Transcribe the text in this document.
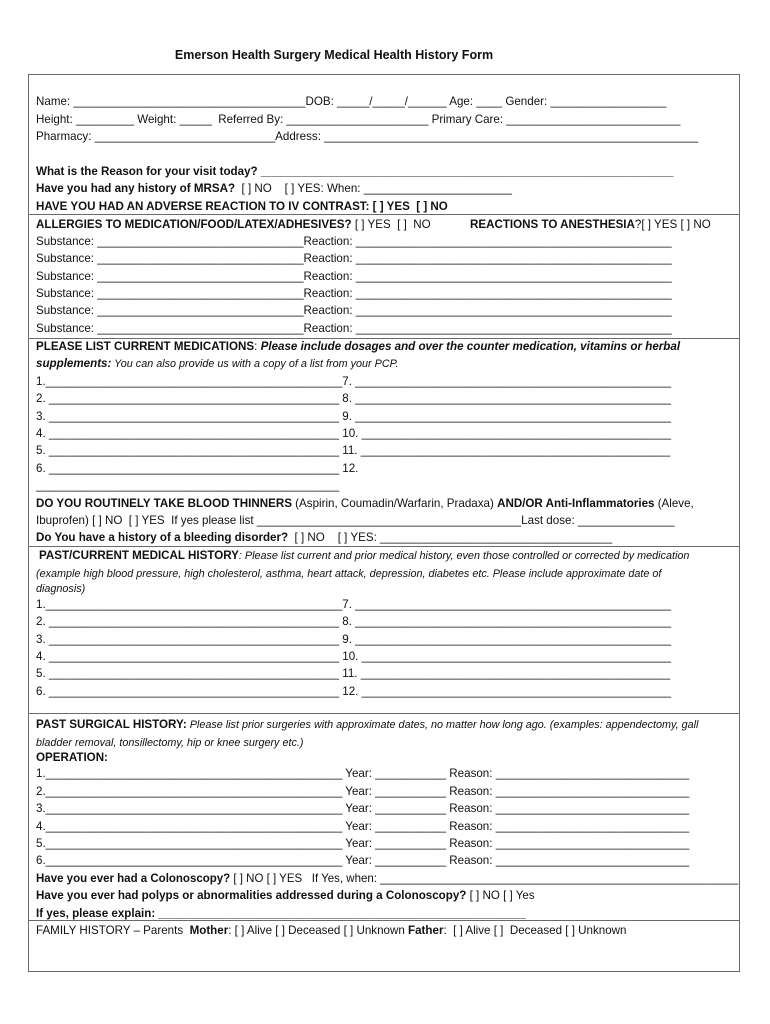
Emerson Health Surgery Medical Health History Form
Name: ____________________________________DOB: _____/_____/______ Age: ____ Gender: __________________
Height: _________ Weight: _____  Referred By: ______________________ Primary Care: ___________________________
Pharmacy: ____________________________Address: __________________________________________________________
What is the Reason for your visit today? ________________________________________________________________
Have you had any history of MRSA?  [ ] NO    [ ] YES: When: _______________________
HAVE YOU HAD AN ADVERSE REACTION TO IV CONTRAST: [ ] YES  [ ] NO
ALLERGIES TO MEDICATION/FOOD/LATEX/ADHESIVES? [ ] YES  [ ]  NO	REACTIONS TO ANESTHESIA?[ ] YES [ ] NO
Substance: ________________________________Reaction: _________________________________________________
Substance: ________________________________Reaction: _________________________________________________
Substance: ________________________________Reaction: _________________________________________________
Substance: ________________________________Reaction: _________________________________________________
Substance: ________________________________Reaction: _________________________________________________
Substance: ________________________________Reaction: _________________________________________________
PLEASE LIST CURRENT MEDICATIONS: Please include dosages and over the counter medication, vitamins or herbal
supplements: You can also provide us with a copy of a list from your PCP.
1.______________________________________________7. _________________________________________________
2. _____________________________________________ 8. _________________________________________________
3. _____________________________________________ 9. _________________________________________________
4. _____________________________________________ 10. ________________________________________________
5. _____________________________________________ 11. ________________________________________________
6. _____________________________________________ 12.
_______________________________________________
DO YOU ROUTINELY TAKE BLOOD THINNERS (Aspirin, Coumadin/Warfarin, Pradaxa) AND/OR Anti-Inflammatories (Aleve,
Ibuprofen) [ ] NO  [ ] YES  If yes please list _________________________________________Last dose: _______________
Do You have a history of a bleeding disorder?  [ ] NO    [ ] YES: ____________________________________
PAST/CURRENT MEDICAL HISTORY: Please list current and prior medical history, even those controlled or corrected by medication
(example high blood pressure, high cholesterol, asthma, heart attack, depression, diabetes etc. Please include approximate date of
diagnosis)
1.______________________________________________7. _________________________________________________
2. _____________________________________________ 8. _________________________________________________
3. _____________________________________________ 9. _________________________________________________
4. _____________________________________________ 10. ________________________________________________
5. _____________________________________________ 11. ________________________________________________
6. _____________________________________________ 12. ________________________________________________
PAST SURGICAL HISTORY: Please list prior surgeries with approximate dates, no matter how long ago. (examples: appendectomy, gall
bladder removal, tonsillectomy, hip or knee surgery etc.)
OPERATION:
1.______________________________________________ Year: ___________ Reason: ______________________________
2.______________________________________________ Year: ___________ Reason: ______________________________
3.______________________________________________ Year: ___________ Reason: ______________________________
4.______________________________________________ Year: ___________ Reason: ______________________________
5.______________________________________________ Year: ___________ Reason: ______________________________
6.______________________________________________ Year: ___________ Reason: ______________________________
Have you ever had a Colonoscopy? [ ] NO [ ] YES   If Yes, when: ________________________________________________________
Have you ever had polyps or abnormalities addressed during a Colonoscopy? [ ] NO [ ] Yes
If yes, please explain: _________________________________________________________
FAMILY HISTORY – Parents  Mother: [ ] Alive [ ] Deceased [ ] Unknown Father:  [ ] Alive [ ]  Deceased [ ] Unknown
